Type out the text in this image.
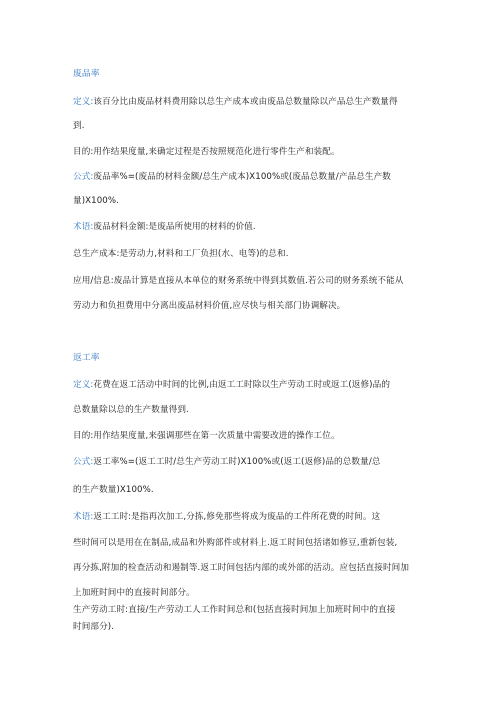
废品率
定义:该百分比由废品材料费用除以总生产成本或由废品总数量除以产品总生产数量得
到.
目的:用作结果度量,来确定过程是否按照规范化进行零件生产和装配。
公式:废品率%=(废品的材料金额/总生产成本)X100%或(废品总数量/产品总生产数
量)X100%.
术语:废品材料金额:是废品所使用的材料的价值.
总生产成本:是劳动力,材料和工厂负担(水、电等)的总和.
应用/信息:废品计算是直接从本单位的财务系统中得到其数值.若公司的财务系统不能从
劳动力和负担费用中分离出废品材料价值,应尽快与相关部门协调解决。
返工率
定义:花费在返工活动中时间的比例,由返工工时除以生产劳动工时或返工(返修)品的
总数量除以总的生产数量得到.
目的:用作结果度量,来强调那些在第一次质量中需要改进的操作工位。
公式:返工率%=(返工工时/总生产劳动工时)X100%或(返工(返修)品的总数量/总
的生产数量)X100%.
术语:返工工时:是指再次加工,分拣,修免那些将成为废品的工件所花费的时间。这
些时间可以是用在在制品,成品和外购部件或材料上.返工时间包括诸如修豆,重新包装,
再分拣,附加的检查活动和遏制等.返工时间包括内部的或外部的活动。应包括直接时间加
上加班时间中的直接时间部分。
生产劳动工时:直接/生产劳动工人工作时间总和(包括直接时间加上加班时间中的直接
时间部分).
